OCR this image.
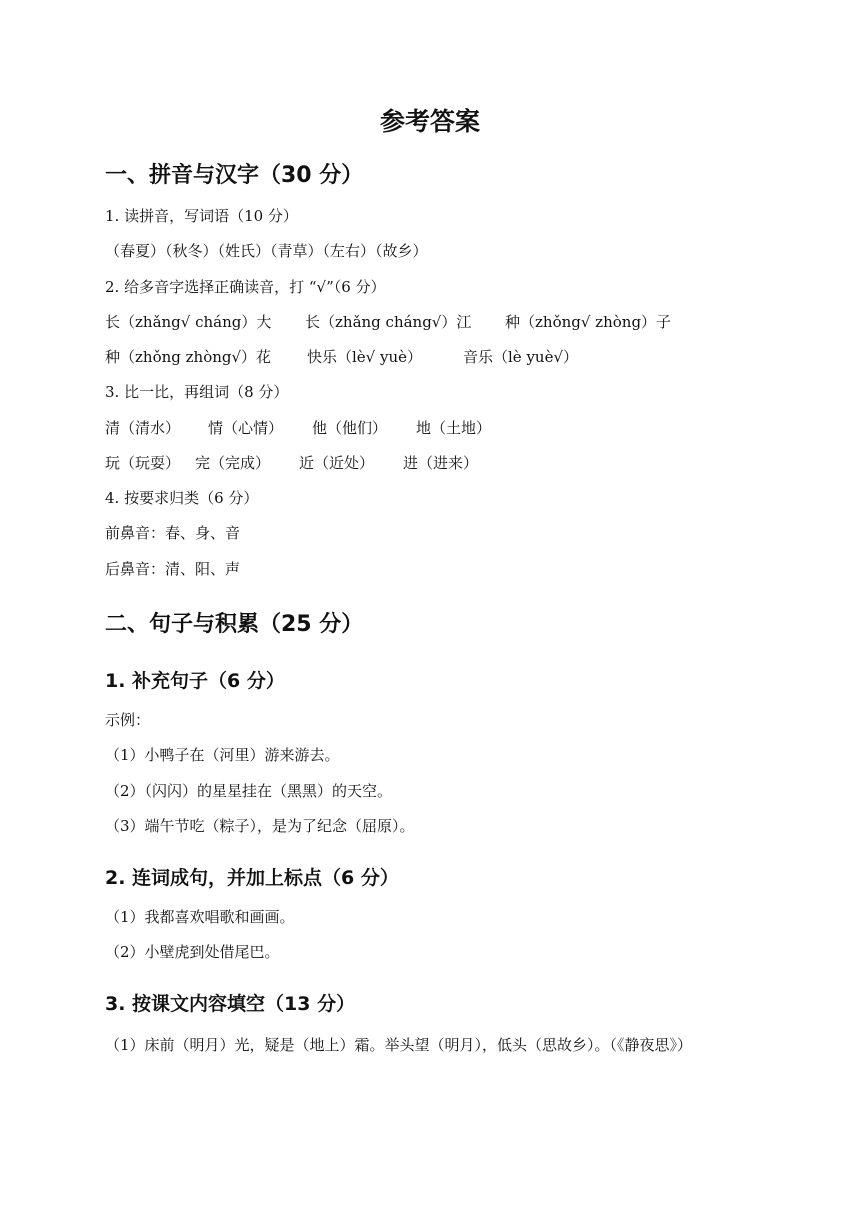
参考答案
一、拼音与汉字（30 分）
1. 读拼音，写词语（10 分）
（春夏）（秋冬）（姓氏）（青草）（左右）（故乡）
2. 给多音字选择正确读音，打 “√”（6 分）
长（zhǎng√ cháng）大 长（zhǎng cháng√）江 种（zhǒng√ zhòng）子
种（zhǒng zhòng√）花 快乐（lè√ yuè）	音乐（lè yuè√）
3. 比一比，再组词（8 分）
清（清水） 情（心情） 他（他们） 地（土地）
玩（玩耍） 完（完成） 近（近处） 进（进来）
4. 按要求归类（6 分）
前鼻音：春、身、音
后鼻音：清、阳、声
二、句子与积累（25 分）
1. 补充句子（6 分）
示例：
（1）小鸭子在（河里）游来游去。
（2）（闪闪）的星星挂在（黑黑）的天空。
（3）端午节吃（粽子），是为了纪念（屈原）。
2. 连词成句，并加上标点（6 分）
（1）我都喜欢唱歌和画画。
（2）小壁虎到处借尾巴。
3. 按课文内容填空（13 分）
（1）床前（明月）光，疑是（地上）霜。举头望（明月），低头（思故乡）。（《静夜思》）
